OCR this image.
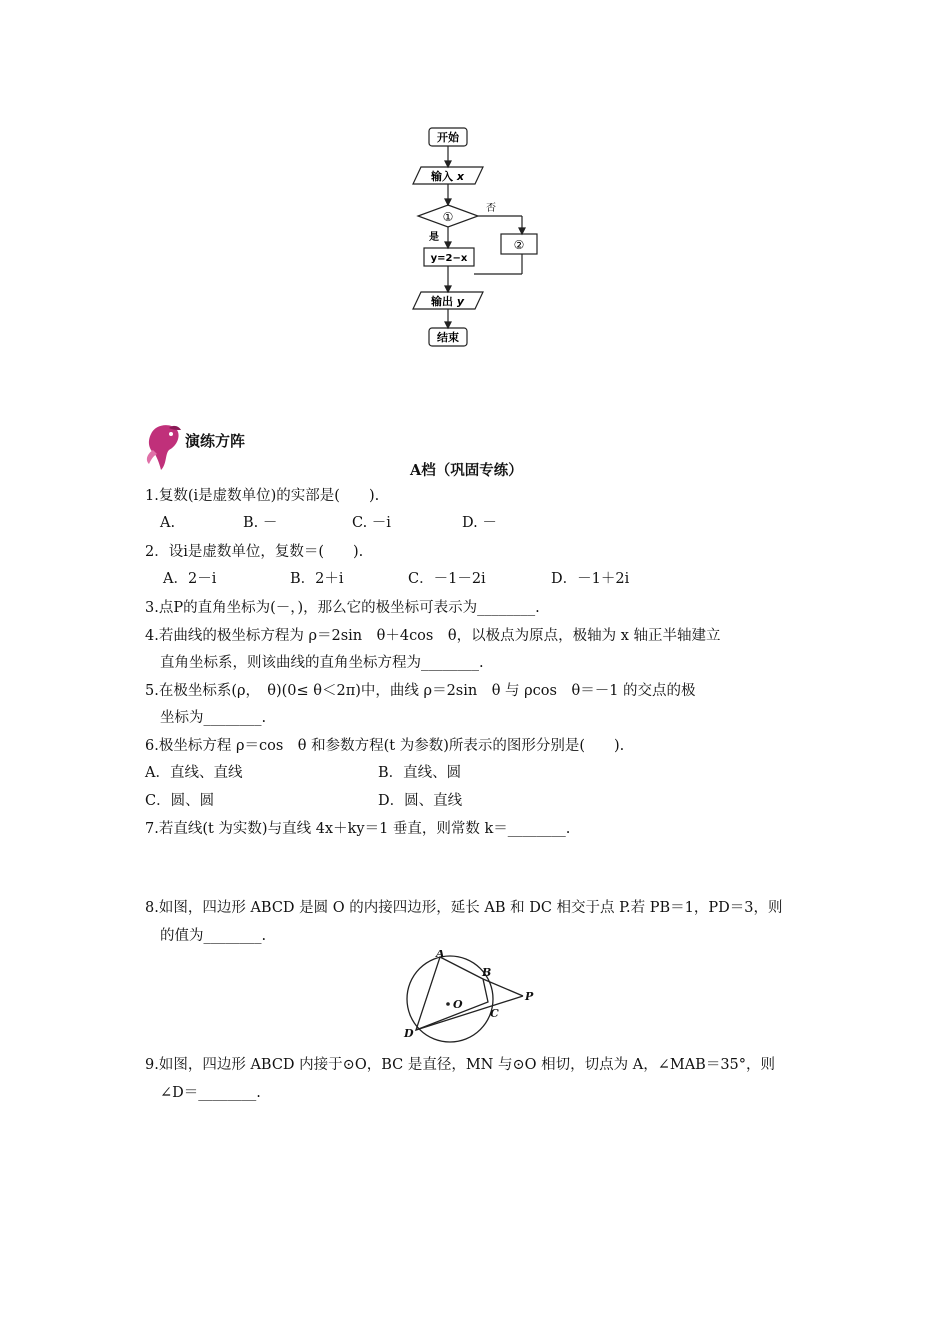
开始
输入 x
①
否
是
②
y=2−x
输出 y
结束
演练方阵
A档（巩固专练）
1.复数(i是虚数单位)的实部是(　　).
A.	B. －	C. －i	D. －
2．设i是虚数单位，复数＝(　　).
A．2－i	B．2＋i	C．－1－2i	D．－1＋2i
3.点P的直角坐标为(－，)，那么它的极坐标可表示为________.
4.若曲线的极坐标方程为 ρ＝2sin　θ＋4cos　θ，以极点为原点，极轴为 x 轴正半轴建立
直角坐标系，则该曲线的直角坐标方程为________.
5.在极坐标系(ρ，　θ)(0≤ θ＜2π)中，曲线 ρ＝2sin　θ 与 ρcos　θ＝－1 的交点的极
坐标为________.
6.极坐标方程 ρ＝cos　θ 和参数方程(t 为参数)所表示的图形分别是(　　).
A．直线、直线	B．直线、圆
C．圆、圆	D．圆、直线
7.若直线(t 为实数)与直线 4x＋ky＝1 垂直，则常数 k＝________.
8.如图，四边形 ABCD 是圆 O 的内接四边形，延长 AB 和 DC 相交于点 P.若 PB＝1，PD＝3，则
的值为________.
A
B
C
D
O
P
9.如图，四边形 ABCD 内接于⊙O，BC 是直径，MN 与⊙O 相切，切点为 A，∠MAB＝35°，则
∠D＝________.
